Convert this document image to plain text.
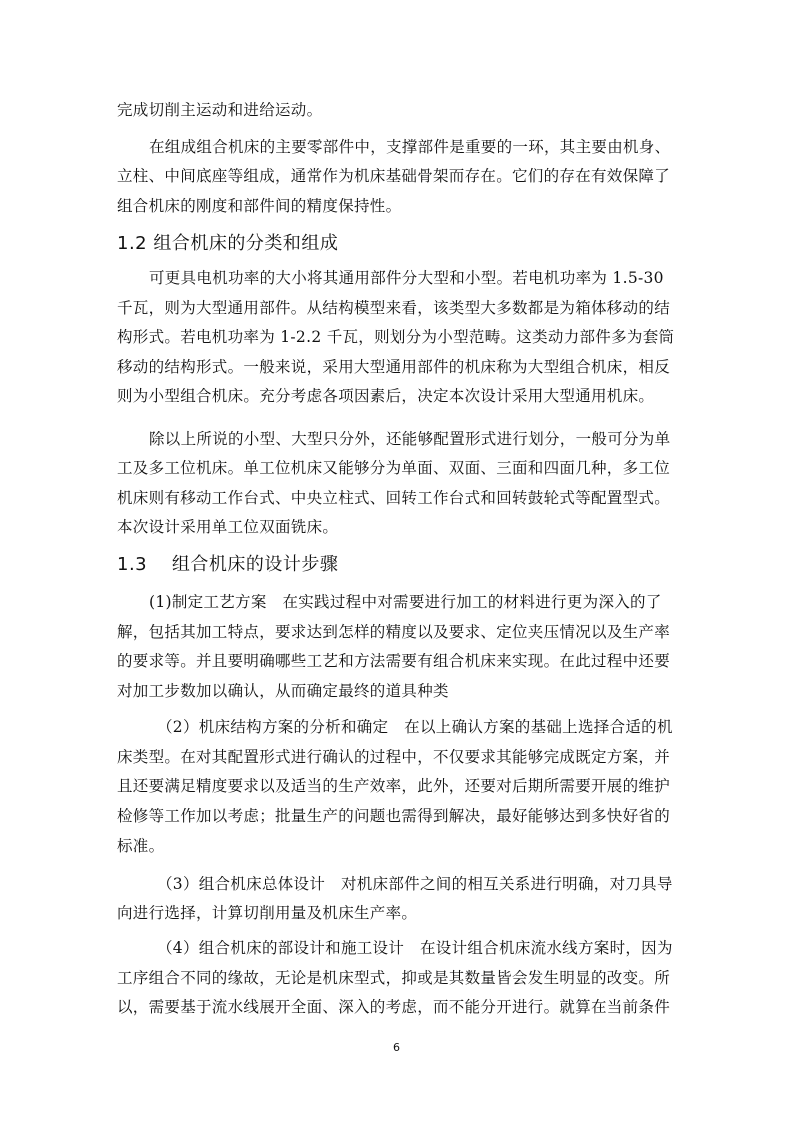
完成切削主运动和进给运动。
在组成组合机床的主要零部件中，支撑部件是重要的一环，其主要由机身、
立柱、中间底座等组成，通常作为机床基础骨架而存在。它们的存在有效保障了
组合机床的刚度和部件间的精度保持性。
1.2 组合机床的分类和组成
可更具电机功率的大小将其通用部件分大型和小型。若电机功率为 1.5-30
千瓦，则为大型通用部件。从结构模型来看，该类型大多数都是为箱体移动的结
构形式。若电机功率为 1-2.2 千瓦，则划分为小型范畴。这类动力部件多为套筒
移动的结构形式。一般来说，采用大型通用部件的机床称为大型组合机床，相反
则为小型组合机床。充分考虑各项因素后，决定本次设计采用大型通用机床。
除以上所说的小型、大型只分外，还能够配置形式进行划分，一般可分为单
工及多工位机床。单工位机床又能够分为单面、双面、三面和四面几种，多工位
机床则有移动工作台式、中央立柱式、回转工作台式和回转鼓轮式等配置型式。
本次设计采用单工位双面铣床。
1.3　 组合机床的设计步骤
(1)制定工艺方案　在实践过程中对需要进行加工的材料进行更为深入的了
解，包括其加工特点，要求达到怎样的精度以及要求、定位夹压情况以及生产率
的要求等。并且要明确哪些工艺和方法需要有组合机床来实现。在此过程中还要
对加工步数加以确认，从而确定最终的道具种类
（2）机床结构方案的分析和确定　在以上确认方案的基础上选择合适的机
床类型。在对其配置形式进行确认的过程中，不仅要求其能够完成既定方案，并
且还要满足精度要求以及适当的生产效率，此外，还要对后期所需要开展的维护
检修等工作加以考虑；批量生产的问题也需得到解决，最好能够达到多快好省的
标准。
（3）组合机床总体设计　对机床部件之间的相互关系进行明确，对刀具导
向进行选择，计算切削用量及机床生产率。
（4）组合机床的部设计和施工设计　在设计组合机床流水线方案时，因为
工序组合不同的缘故，无论是机床型式，抑或是其数量皆会发生明显的改变。所
以，需要基于流水线展开全面、深入的考虑，而不能分开进行。就算在当前条件
6
